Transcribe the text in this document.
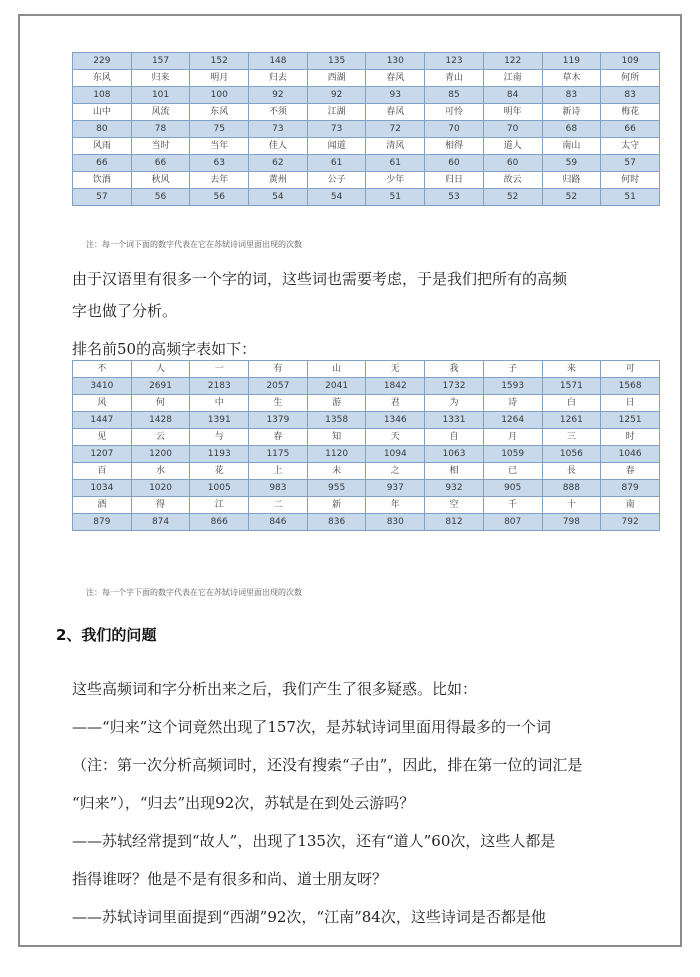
229	157	152	148	135	130	123	122	119	109
东风	归来	明月	归去	西湖	春风	青山	江南	草木	何所
108	101	100	92	92	93	85	84	83	83
山中	风流	东风	不须	江湖	春风	可怜	明年	新诗	梅花
80	78	75	73	73	72	70	70	68	66
风雨	当时	当年	佳人	闻道	清风	相得	道人	南山	太守
66	66	63	62	61	61	60	60	59	57
饮酒	秋风	去年	黄州	公子	少年	归日	故云	归路	何时
57	56	56	54	54	51	53	52	52	51
注：每一个词下面的数字代表在它在苏轼诗词里面出现的次数
由于汉语里有很多一个字的词，这些词也需要考虑，于是我们把所有的高频
字也做了分析。
排名前50的高频字表如下：
不	人	一	有	山	无	我	子	来	可
3410	2691	2183	2057	2041	1842	1732	1593	1571	1568
风	何	中	生	游	君	为	诗	白	日
1447	1428	1391	1379	1358	1346	1331	1264	1261	1251
见	云	与	春	知	天	自	月	三	时
1207	1200	1193	1175	1120	1094	1063	1059	1056	1046
百	水	花	上	未	之	相	已	長	春
1034	1020	1005	983	955	937	932	905	888	879
酒	得	江	二	新	年	空	千	十	南
879	874	866	846	836	830	812	807	798	792
注：每一个字下面的数字代表在它在苏轼诗词里面出现的次数
2、我们的问题
这些高频词和字分析出来之后，我们产生了很多疑惑。比如：
——“归来”这个词竟然出现了157次，是苏轼诗词里面用得最多的一个词
（注：第一次分析高频词时，还没有搜索“子由”，因此，排在第一位的词汇是
“归来”），“归去”出现92次，苏轼是在到处云游吗？
——苏轼经常提到“故人”，出现了135次，还有“道人”60次，这些人都是
指得谁呀？他是不是有很多和尚、道士朋友呀？
——苏轼诗词里面提到“西湖”92次，“江南”84次，这些诗词是否都是他
